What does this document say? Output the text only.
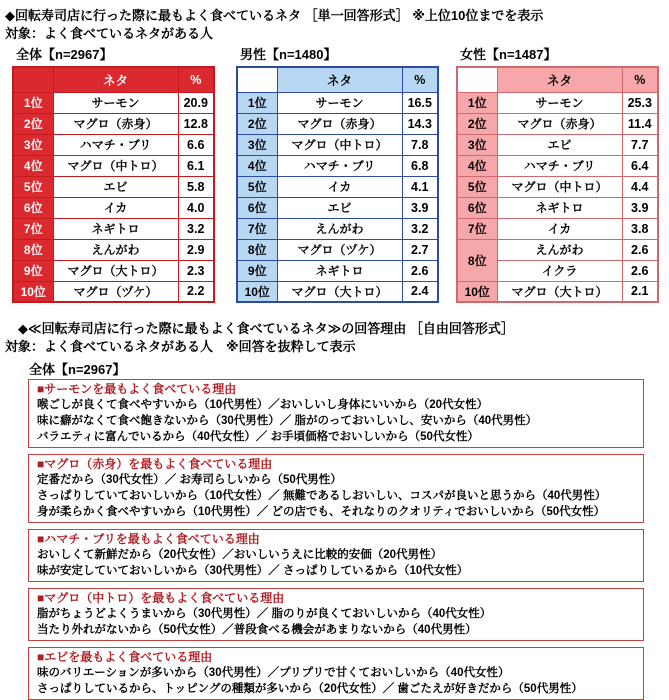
◆回転寿司店に行った際に最もよく食べているネタ ［単一回答形式］ ※上位10位までを表示
対象：よく食べているネタがある人
全体【n=2967】
	ネタ	%
1位	サーモン	20.9
2位	マグロ（赤身）	12.8
3位	ハマチ・ブリ	6.6
4位	マグロ（中トロ）	6.1
5位	エビ	5.8
6位	イカ	4.0
7位	ネギトロ	3.2
8位	えんがわ	2.9
9位	マグロ（大トロ）	2.3
10位	マグロ（ヅケ）	2.2
男性【n=1480】
	ネタ	%
1位	サーモン	16.5
2位	マグロ（赤身）	14.3
3位	マグロ（中トロ）	7.8
4位	ハマチ・ブリ	6.8
5位	イカ	4.1
6位	エビ	3.9
7位	えんがわ	3.2
8位	マグロ（ヅケ）	2.7
9位	ネギトロ	2.6
10位	マグロ（大トロ）	2.4
女性【n=1487】
	ネタ	%
1位	サーモン	25.3
2位	マグロ（赤身）	11.4
3位	エビ	7.7
4位	ハマチ・ブリ	6.4
5位	マグロ（中トロ）	4.4
6位	ネギトロ	3.9
7位	イカ	3.8
8位	えんがわ	2.6
	イクラ	2.6
10位	マグロ（大トロ）	2.1
◆≪回転寿司店に行った際に最もよく食べているネタ≫の回答理由 ［自由回答形式］
対象：よく食べているネタがある人　※回答を抜粋して表示
全体【n=2967】
■サーモンを最もよく食べている理由
喉ごしが良くて食べやすいから（10代男性）／おいしいし身体にいいから（20代女性）
味に癖がなくて食べ飽きないから（30代男性）／ 脂がのっておいしいし、安いから（40代男性）
バラエティに富んでいるから（40代女性）／ お手頃価格でおいしいから（50代女性）
■マグロ（赤身）を最もよく食べている理由
定番だから（30代女性）／ お寿司らしいから（50代男性）
さっぱりしていておいしいから（10代女性）／ 無難であるしおいしい、コスパが良いと思うから（40代男性）
身が柔らかく食べやすいから（10代男性）／ どの店でも、それなりのクオリティでおいしいから（50代女性）
■ハマチ・ブリを最もよく食べている理由
おいしくて新鮮だから（20代女性）／おいしいうえに比較的安価（20代男性）
味が安定していておいしいから（30代男性）／ さっぱりしているから（10代女性）
■マグロ（中トロ）を最もよく食べている理由
脂がちょうどよくうまいから（30代男性）／ 脂のりが良くておいしいから（40代女性）
当たり外れがないから（50代女性）／普段食べる機会があまりないから（40代男性）
■エビを最もよく食べている理由
味のバリエーションが多いから（30代男性）／プリプリで甘くておいしいから（40代女性）
さっぱりしているから、トッピングの種類が多いから（20代女性）／ 歯ごたえが好きだから（50代男性）
